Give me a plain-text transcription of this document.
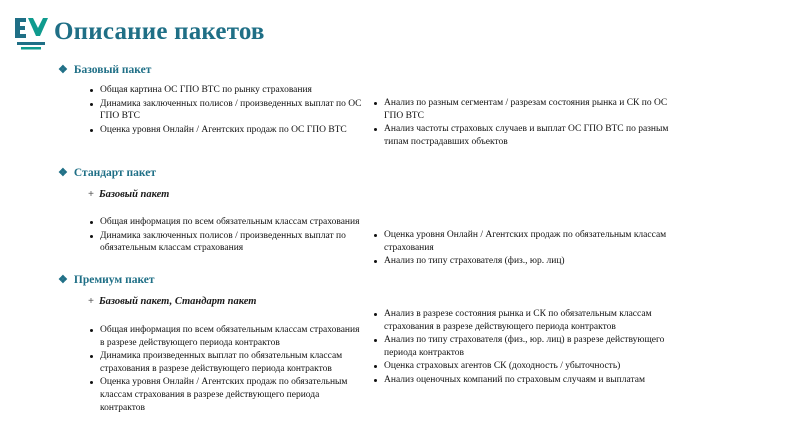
Описание пакетов
❖ Базовый пакет
Общая картина ОС ГПО ВТС по рынку страхования
Динамика заключенных полисов / произведенных выплат по ОС ГПО ВТС
Оценка уровня Онлайн / Агентских продаж по ОС ГПО ВТС
Анализ по разным сегментам / разрезам состояния рынка и СК по ОС ГПО ВТС
Анализ частоты страховых случаев и выплат ОС ГПО ВТС по разным типам пострадавших объектов
❖ Стандарт пакет
+ Базовый пакет
Общая информация по всем обязательным классам страхования
Динамика заключенных полисов / произведенных выплат по обязательным классам страхования
Оценка уровня Онлайн / Агентских продаж по обязательным классам страхования
Анализ по типу страхователя (физ., юр. лиц)
❖ Премиум пакет
+ Базовый пакет, Стандарт пакет
Общая информация по всем обязательным классам страхования в разрезе действующего периода контрактов
Динамика произведенных выплат по обязательным классам страхования в разрезе действующего периода контрактов
Оценка уровня Онлайн / Агентских продаж по обязательным классам страхования в разрезе действующего периода контрактов
Анализ в разрезе состояния рынка и СК по обязательным классам страхования в разрезе действующего периода контрактов
Анализ по типу страхователя (физ., юр. лиц) в разрезе действующего периода контрактов
Оценка страховых агентов СК (доходность / убыточность)
Анализ оценочных компаний по страховым случаям и выплатам
